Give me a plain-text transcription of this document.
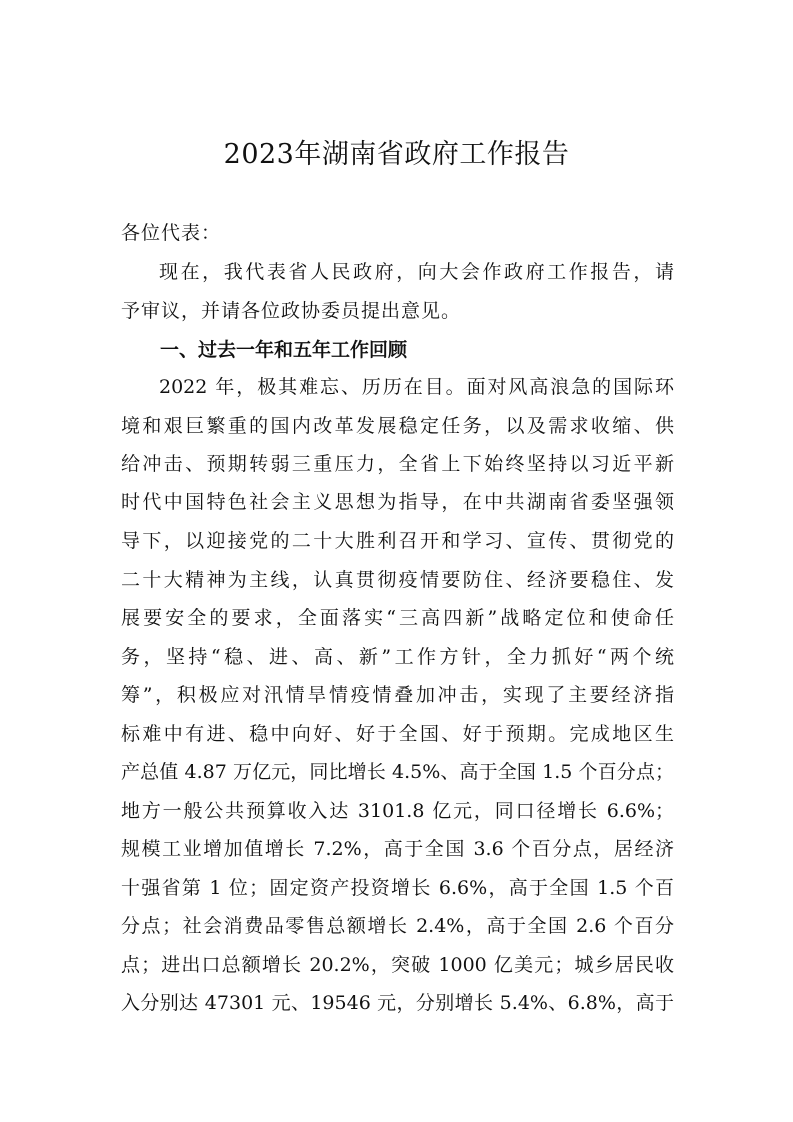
2023年湖南省政府工作报告
各位代表：
现在，我代表省人民政府，向大会作政府工作报告，请
予审议，并请各位政协委员提出意见。
一、过去一年和五年工作回顾
2022 年，极其难忘、历历在目。面对风高浪急的国际环
境和艰巨繁重的国内改革发展稳定任务，以及需求收缩、供
给冲击、预期转弱三重压力，全省上下始终坚持以习近平新
时代中国特色社会主义思想为指导，在中共湖南省委坚强领
导下，以迎接党的二十大胜利召开和学习、宣传、贯彻党的
二十大精神为主线，认真贯彻疫情要防住、经济要稳住、发
展要安全的要求，全面落实“三高四新”战略定位和使命任
务，坚持“稳、进、高、新”工作方针，全力抓好“两个统
筹”，积极应对汛情旱情疫情叠加冲击，实现了主要经济指
标难中有进、稳中向好、好于全国、好于预期。完成地区生
产总值 4.87 万亿元，同比增长 4.5%、高于全国 1.5 个百分点；
地方一般公共预算收入达 3101.8 亿元，同口径增长 6.6%；
规模工业增加值增长 7.2%，高于全国 3.6 个百分点，居经济
十强省第 1 位；固定资产投资增长 6.6%，高于全国 1.5 个百
分点；社会消费品零售总额增长 2.4%，高于全国 2.6 个百分
点；进出口总额增长 20.2%，突破 1000 亿美元；城乡居民收
入分别达 47301 元、19546 元，分别增长 5.4%、6.8%，高于
